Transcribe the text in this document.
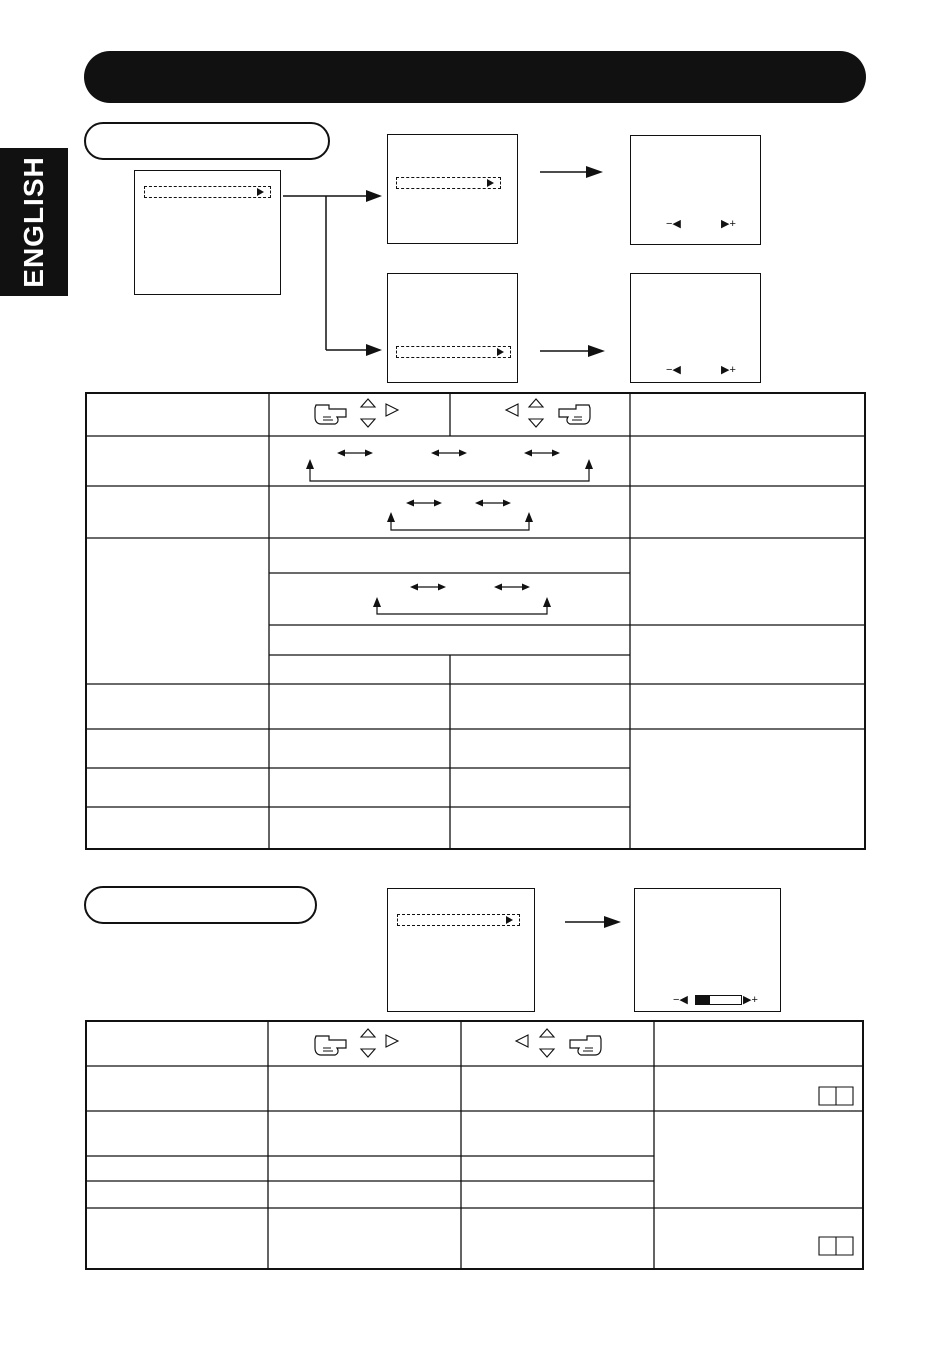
ENGLISH	−◀	▶+
−◀	▶+
−◀	▶+
